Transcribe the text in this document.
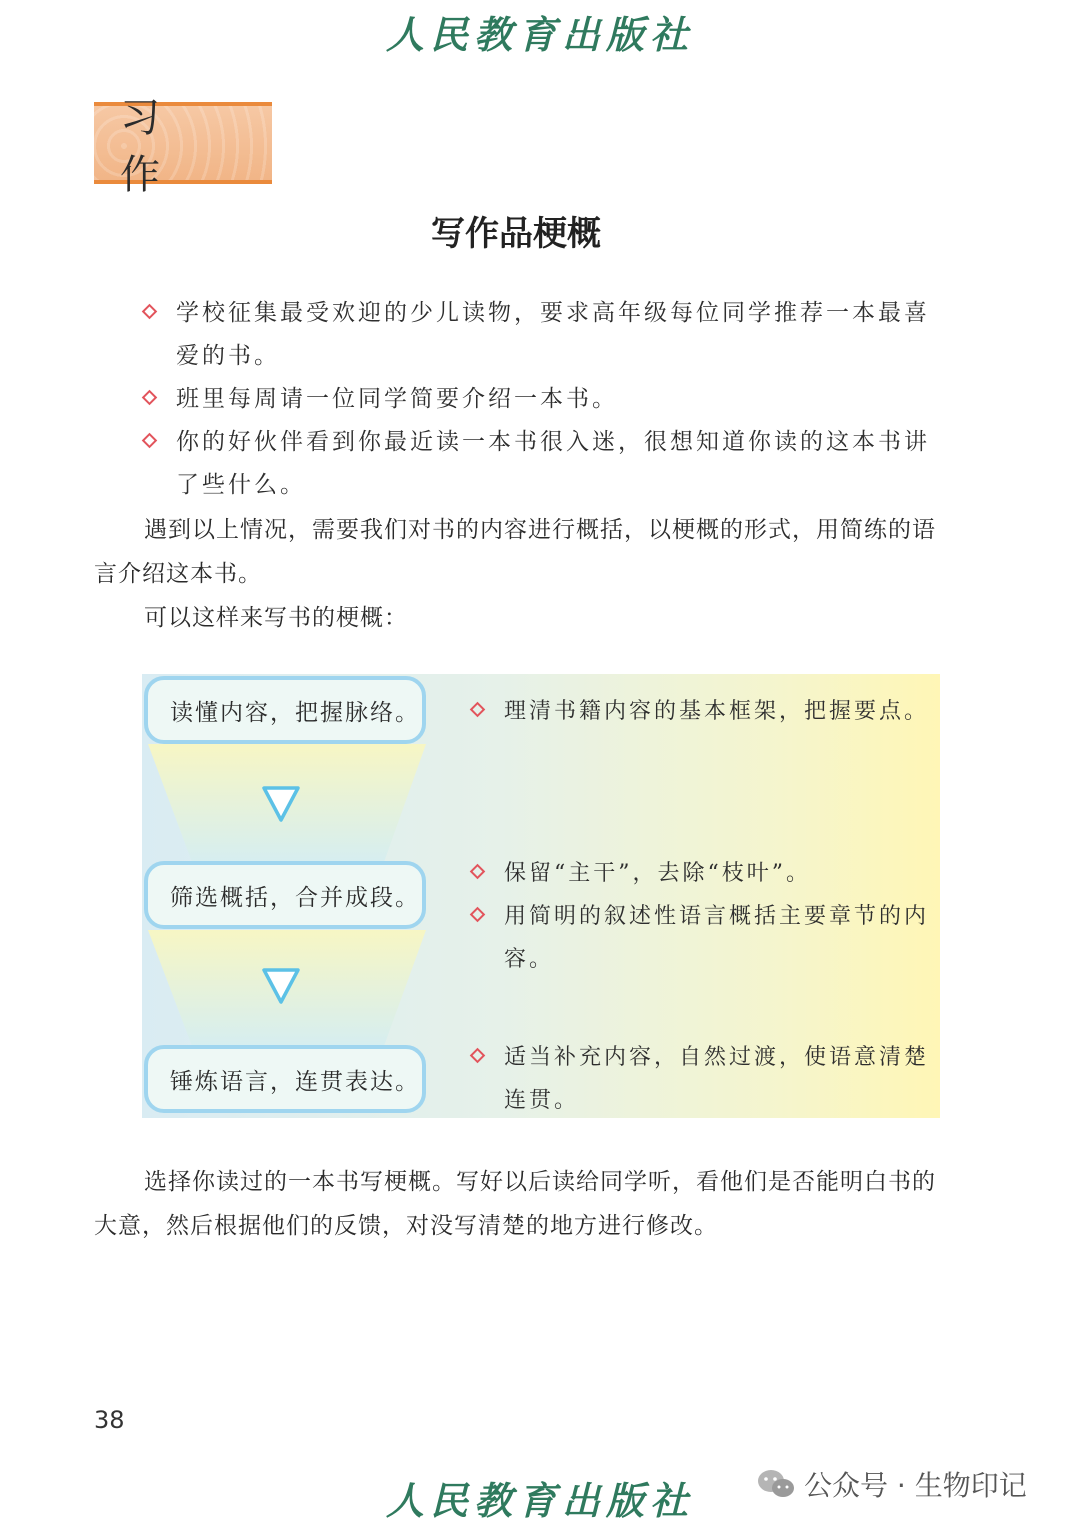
人民教育出版社
习 作
写作品梗概
学校征集最受欢迎的少儿读物，要求高年级每位同学推荐一本最喜爱的书。
班里每周请一位同学简要介绍一本书。
你的好伙伴看到你最近读一本书很入迷，很想知道你读的这本书讲了些什么。
遇到以上情况，需要我们对书的内容进行概括，以梗概的形式，用简练的语言介绍这本书。
可以这样来写书的梗概：
读懂内容，把握脉络。
筛选概括，合并成段。
锤炼语言，连贯表达。
理清书籍内容的基本框架，把握要点。
保留“主干”，去除“枝叶”。
用简明的叙述性语言概括主要章节的内容。
适当补充内容，自然过渡，使语意清楚连贯。
选择你读过的一本书写梗概。写好以后读给同学听，看他们是否能明白书的大意，然后根据他们的反馈，对没写清楚的地方进行修改。
38
人民教育出版社	公众号 · 生物印记
